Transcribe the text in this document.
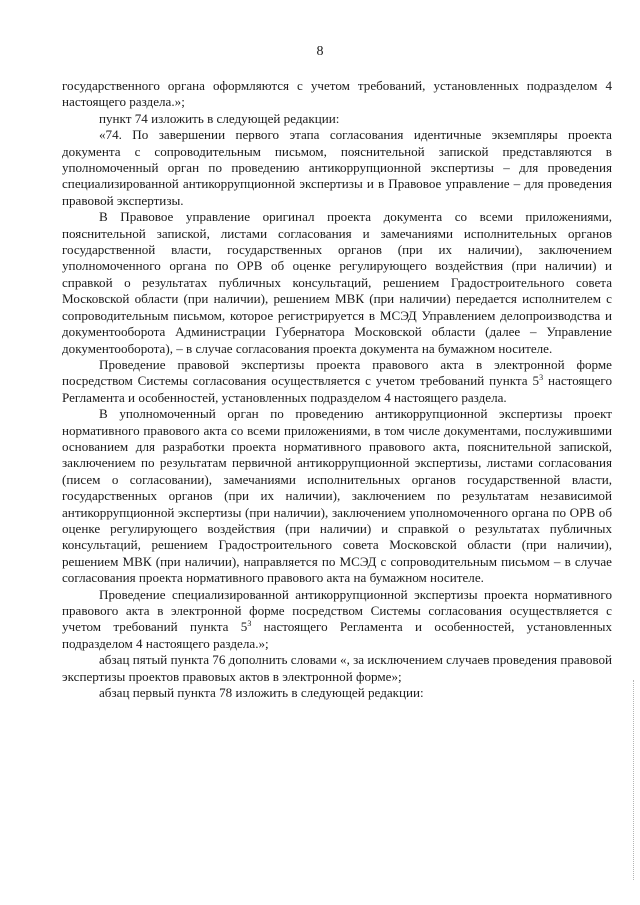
8

государственного органа оформляются с учетом требований, установленных подразделом 4 настоящего раздела.»;

пункт 74 изложить в следующей редакции:

«74. По завершении первого этапа согласования идентичные экземпляры проекта документа с сопроводительным письмом, пояснительной запиской представляются в уполномоченный орган по проведению антикоррупционной экспертизы – для проведения специализированной антикоррупционной экспертизы и в Правовое управление – для проведения правовой экспертизы.

В Правовое управление оригинал проекта документа со всеми приложениями, пояснительной запиской, листами согласования и замечаниями исполнительных органов государственной власти, государственных органов (при их наличии), заключением уполномоченного органа по ОРВ об оценке регулирующего воздействия (при наличии) и справкой о результатах публичных консультаций, решением Градостроительного совета Московской области (при наличии), решением МВК (при наличии) передается исполнителем с сопроводительным письмом, которое регистрируется в МСЭД Управлением делопроизводства и документооборота Администрации Губернатора Московской области (далее – Управление документооборота), – в случае согласования проекта документа на бумажном носителе.

Проведение правовой экспертизы проекта правового акта в электронной форме посредством Системы согласования осуществляется с учетом требований пункта $5^3$ настоящего Регламента и особенностей, установленных подразделом 4 настоящего раздела.

В уполномоченный орган по проведению антикоррупционной экспертизы проект нормативного правового акта со всеми приложениями, в том числе документами, послужившими основанием для разработки проекта нормативного правового акта, пояснительной запиской, заключением по результатам первичной антикоррупционной экспертизы, листами согласования (писем о согласовании), замечаниями исполнительных органов государственной власти, государственных органов (при их наличии), заключением по результатам независимой антикоррупционной экспертизы (при наличии), заключением уполномоченного органа по ОРВ об оценке регулирующего воздействия (при наличии) и справкой о результатах публичных консультаций, решением Градостроительного совета Московской области (при наличии), решением МВК (при наличии), направляется по МСЭД с сопроводительным письмом – в случае согласования проекта нормативного правового акта на бумажном носителе.

Проведение специализированной антикоррупционной экспертизы проекта нормативного правового акта в электронной форме посредством Системы согласования осуществляется с учетом требований пункта $5^3$ настоящего Регламента и особенностей, установленных подразделом 4 настоящего раздела.»;

абзац пятый пункта 76 дополнить словами «, за исключением случаев проведения правовой экспертизы проектов правовых актов в электронной форме»;

абзац первый пункта 78 изложить в следующей редакции:
